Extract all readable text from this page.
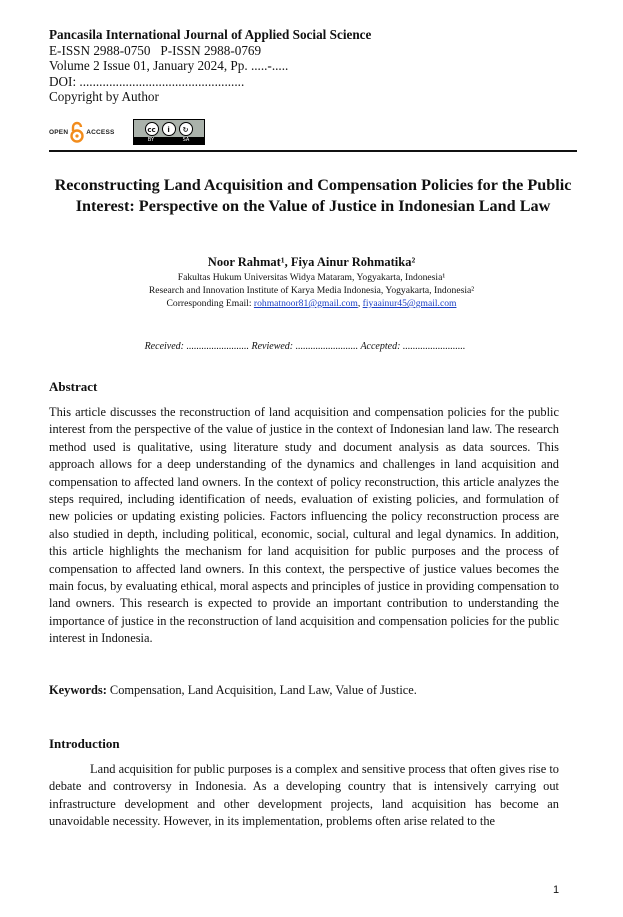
Pancasila International Journal of Applied Social Science
E-ISSN 2988-0750   P-ISSN 2988-0769
Volume 2 Issue 01, January 2024, Pp. .....-.....
DOI: ..................................................
Copyright by Author
OPEN	ACCESS	cc	i	↻
BY	SA
Reconstructing Land Acquisition and Compensation Policies for the Public Interest: Perspective on the Value of Justice in Indonesian Land Law
Noor Rahmat¹, Fiya Ainur Rohmatika²
Fakultas Hukum Universitas Widya Mataram, Yogyakarta, Indonesia¹
Research and Innovation Institute of Karya Media Indonesia, Yogyakarta, Indonesia²
Corresponding Email: rohmatnoor81@gmail.com, fiyaainur45@gmail.com
Received: ......................... Reviewed: ......................... Accepted: .........................
Abstract
This article discusses the reconstruction of land acquisition and compensation policies for the public interest from the perspective of the value of justice in the context of Indonesian land law. The research method used is qualitative, using literature study and document analysis as data sources. This approach allows for a deep understanding of the dynamics and challenges in land acquisition and compensation to affected land owners. In the context of policy reconstruction, this article analyzes the steps required, including identification of needs, evaluation of existing policies, and formulation of new policies or updating existing policies. Factors influencing the policy reconstruction process are also studied in depth, including political, economic, social, cultural and legal dynamics. In addition, this article highlights the mechanism for land acquisition for public purposes and the process of compensation to affected land owners. In this context, the perspective of justice values becomes the main focus, by evaluating ethical, moral aspects and principles of justice in providing compensation to land owners. This research is expected to provide an important contribution to understanding the importance of justice in the reconstruction of land acquisition and compensation policies for the public interest in Indonesia.
Keywords: Compensation, Land Acquisition, Land Law, Value of Justice.
Introduction
Land acquisition for public purposes is a complex and sensitive process that often gives rise to debate and controversy in Indonesia. As a developing country that is intensively carrying out infrastructure development and other development projects, land acquisition has become an unavoidable necessity. However, in its implementation, problems often arise related to the
1
